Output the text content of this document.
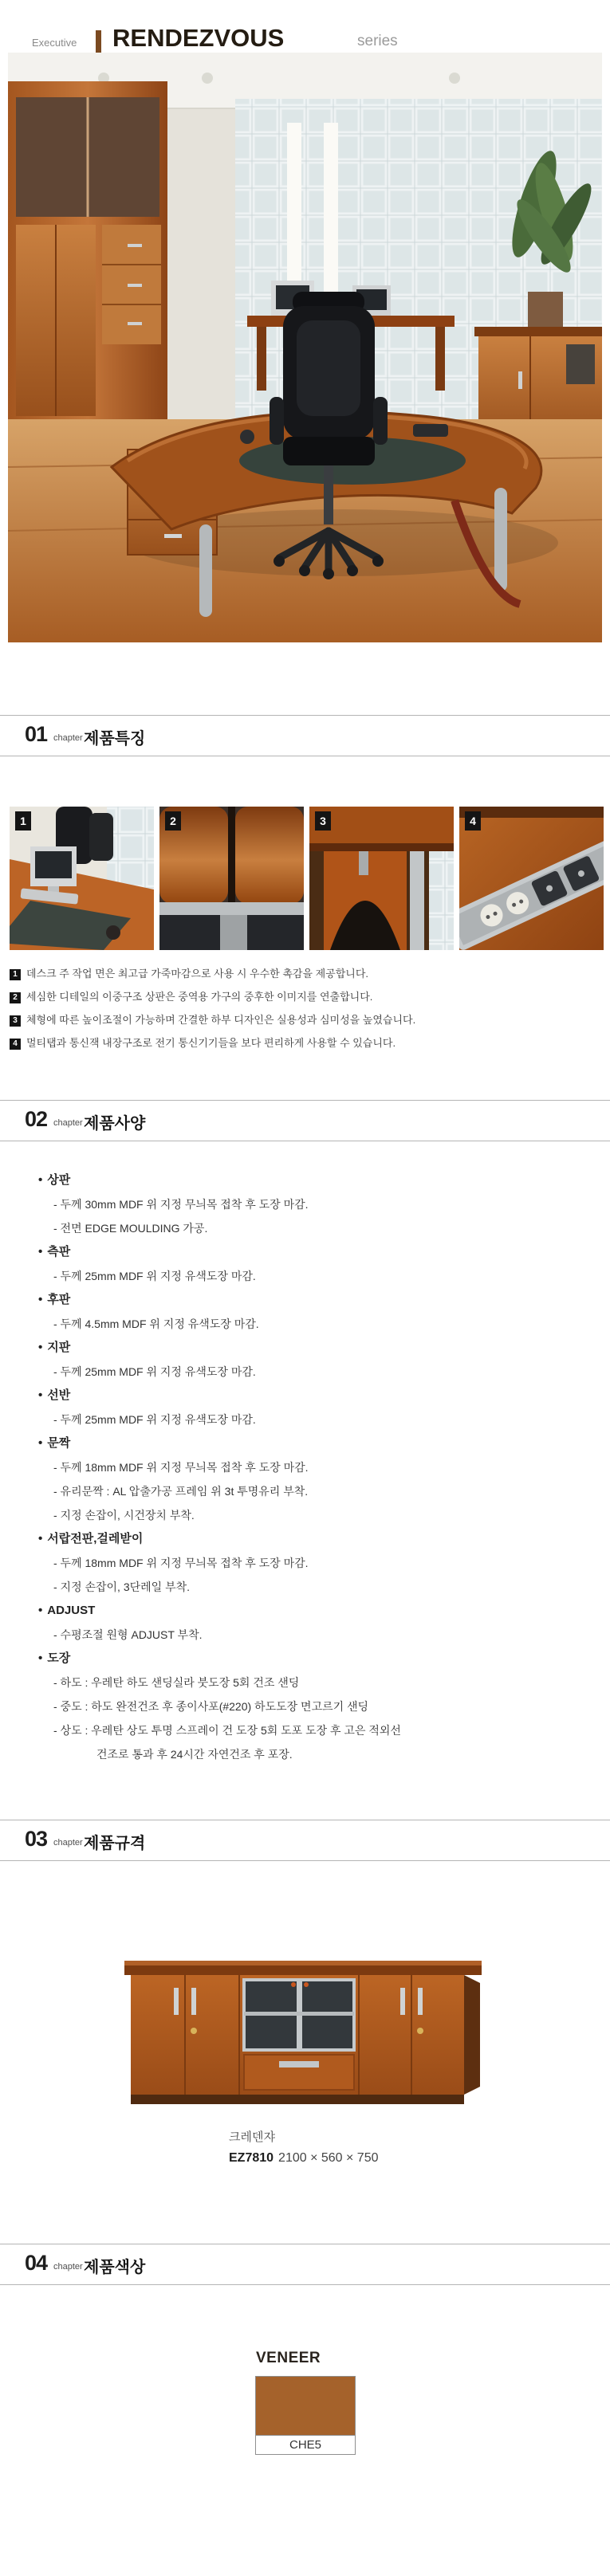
Executive RENDEZVOUS	series
01 chapter 제품특징
1	2	3	4
1 데스크 주 작업 면은 최고급 가죽마감으로 사용 시 우수한 촉감을 제공합니다.
2 세심한 디테일의 이중구조 상판은 중역용 가구의 중후한 이미지를 연출합니다.
3 체형에 따른 높이조절이 가능하며 간결한 하부 디자인은 실용성과 심미성을 높였습니다.
4 멀티탭과 통신잭 내장구조로 전기 통신기기들을 보다 편리하게 사용할 수 있습니다.
02 chapter 제품사양
• 상판
- 두께 30mm MDF 위 지정 무늬목 접착 후 도장 마감.
- 전면 EDGE MOULDING 가공.
• 측판
- 두께 25mm MDF 위 지정 유색도장 마감.
• 후판
- 두께 4.5mm MDF 위 지정 유색도장 마감.
• 지판
- 두께 25mm MDF 위 지정 유색도장 마감.
• 선반
- 두께 25mm MDF 위 지정 유색도장 마감.
• 문짝
- 두께 18mm MDF 위 지정 무늬목 접착 후 도장 마감.
- 유리문짝 : AL 압출가공 프레임 위 3t 투명유리 부착.
- 지정 손잡이, 시건장치 부착.
• 서랍전판,걸레받이
- 두께 18mm MDF 위 지정 무늬목 접착 후 도장 마감.
- 지정 손잡이, 3단레일 부착.
• ADJUST
- 수평조절 원형 ADJUST 부착.
• 도장
- 하도 : 우레탄 하도 샌딩실라 붓도장 5회 건조 샌딩
- 중도 : 하도 완전건조 후 종이사포(#220) 하도도장 면고르기 샌딩
- 상도 : 우레탄 상도 투명 스프레이 건 도장 5회 도포 도장 후 고은 적외선
건조로 통과 후 24시간 자연건조 후 포장.
03 chapter 제품규격
크레덴쟈
EZ7810 2100 × 560 × 750
04 chapter 제품색상
VENEER
CHE5
